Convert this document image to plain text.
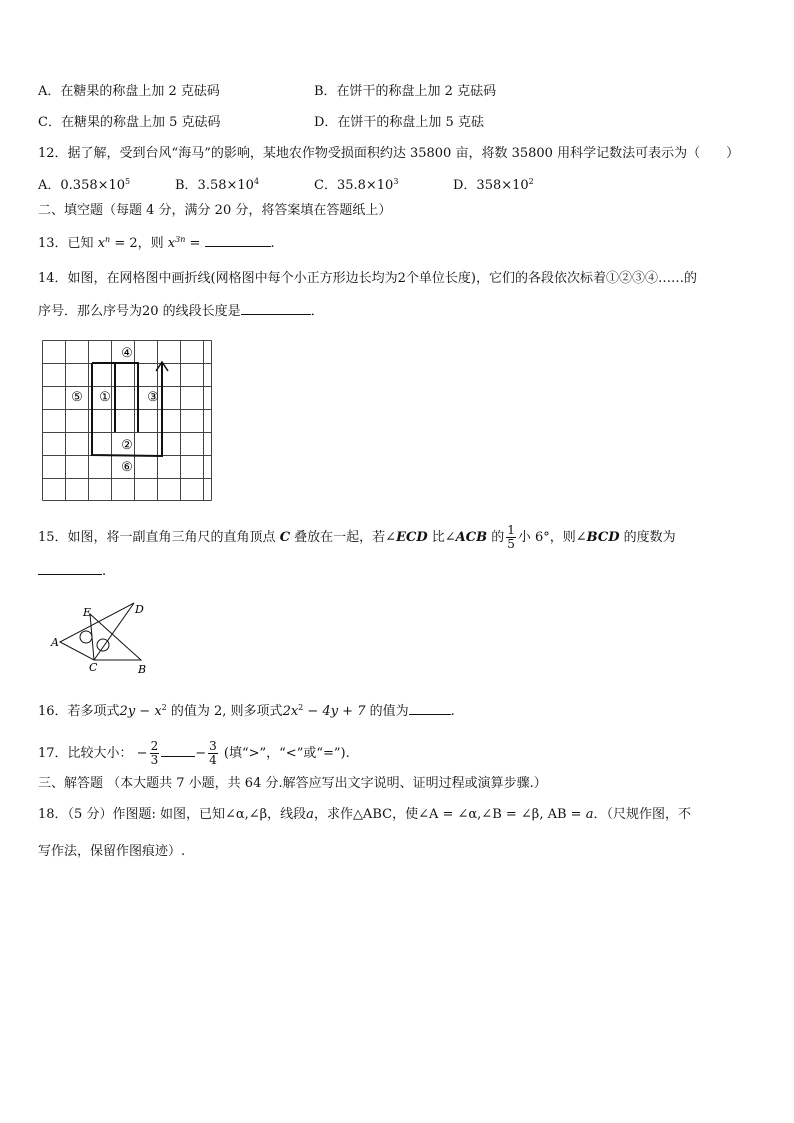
A．在糖果的称盘上加 2 克砝码	B．在饼干的称盘上加 2 克砝码
C．在糖果的称盘上加 5 克砝码	D．在饼干的称盘上加 5 克砝
12．据了解，受到台风“海马”的影响，某地农作物受损面积约达 35800 亩，将数 35800 用科学记数法可表示为（　　）
A．$0.358\times 10^5$	B．$3.58\times 10^4$	C．$35.8\times 10^3$	D．$358\times 10^2$
二、填空题（每题 4 分，满分 20 分，将答案填在答题纸上）
13．已知 $x^n = 2$，则 $x^{3n}$ =	.
14．如图，在网格图中画折线(网格图中每个小正方形边长均为2个单位长度)，它们的各段依次标着①②③④……的
序号．那么序号为20 的线段长度是	．
④
⑤ ①	③
②
⑥
15．如图，将一副直角三角尺的直角顶点 C 叠放在一起，若∠ECD 比∠ACB 的 $\frac{1}{5}$ 小 6°，则∠BCD 的度数为
.
E	D
A
C	B
16．若多项式$2y - x^2$ 的值为 2, 则多项式$2x^2 - 4y + 7$ 的值为	.
17．比较大小： − $\frac{2}{3}$	− $\frac{3}{4}$ (填“>”，“<”或“=”).
三、解答题 （本大题共 7 小题，共 64 分.解答应写出文字说明、证明过程或演算步骤.）
18．（5 分）作图题: 如图，已知∠α,∠β，线段a，求作△ABC，使∠A = ∠α,∠B = ∠β, AB = a．（尺规作图，不
写作法，保留作图痕迹）.
